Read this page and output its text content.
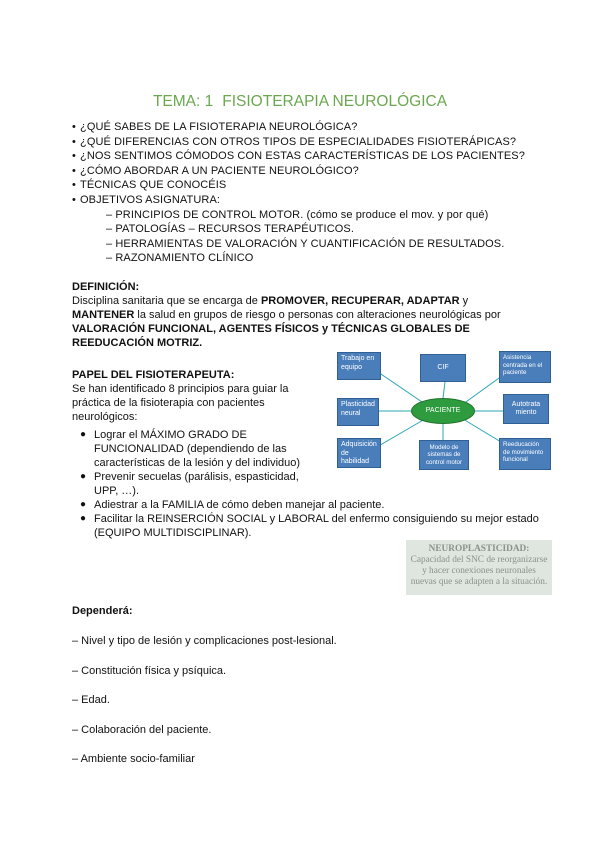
TEMA: 1 FISIOTERAPIA NEUROLÓGICA
• ¿QUÉ SABES DE LA FISIOTERAPIA NEUROLÓGICA?
• ¿QUÉ DIFERENCIAS CON OTROS TIPOS DE ESPECIALIDADES FISIOTERÁPICAS?
• ¿NOS SENTIMOS CÓMODOS CON ESTAS CARACTERÍSTICAS DE LOS PACIENTES?
• ¿CÓMO ABORDAR A UN PACIENTE NEUROLÓGICO?
• TÉCNICAS QUE CONOCÉIS
• OBJETIVOS ASIGNATURA:
– PRINCIPIOS DE CONTROL MOTOR. (cómo se produce el mov. y por qué)
– PATOLOGÍAS – RECURSOS TERAPÉUTICOS.
– HERRAMIENTAS DE VALORACIÓN Y CUANTIFICACIÓN DE RESULTADOS.
– RAZONAMIENTO CLÍNICO
DEFINICIÓN:

Disciplina sanitaria que se encarga de PROMOVER, RECUPERAR, ADAPTAR y

MANTENER la salud en grupos de riesgo o personas con alteraciones neurológicas por

VALORACIÓN FUNCIONAL, AGENTES FÍSICOS y TÉCNICAS GLOBALES DE

REEDUCACIÓN MOTRIZ.

PAPEL DEL FISIOTERAPEUTA:

Se han identificado 8 principios para guiar la

práctica de la fisioterapia con pacientes

neurológicos:

● Lograr el MÁXIMO GRADO DE FUNCIONALIDAD (dependiendo de las características de la lesión y del individuo)
● Prevenir secuelas (parálisis, espasticidad, UPP, …).
● Adiestrar a la FAMILIA de cómo deben manejar al paciente.
● Facilitar la REINSERCIÓN SOCIAL y LABORAL del enfermo consiguiendo su mejor estado (EQUIPO MULTIDISCIPLINAR).
Trabajo en equipo	CIF
Asistencia centrada en el paciente
Plasticidad neural
Autotrata miento
Adquisición de habilidad
Modelo de sistemas de control motor
Reeducación de movimiento funcional
PACIENTE
NEUROPLASTICIDAD: Capacidad del SNC de reorganizarse y hacer conexiones neuronales nuevas que se adapten a la situación.
Dependerá:
– Nivel y tipo de lesión y complicaciones post-lesional.
– Constitución física y psíquica.
– Edad.
– Colaboración del paciente.
– Ambiente socio-familiar
